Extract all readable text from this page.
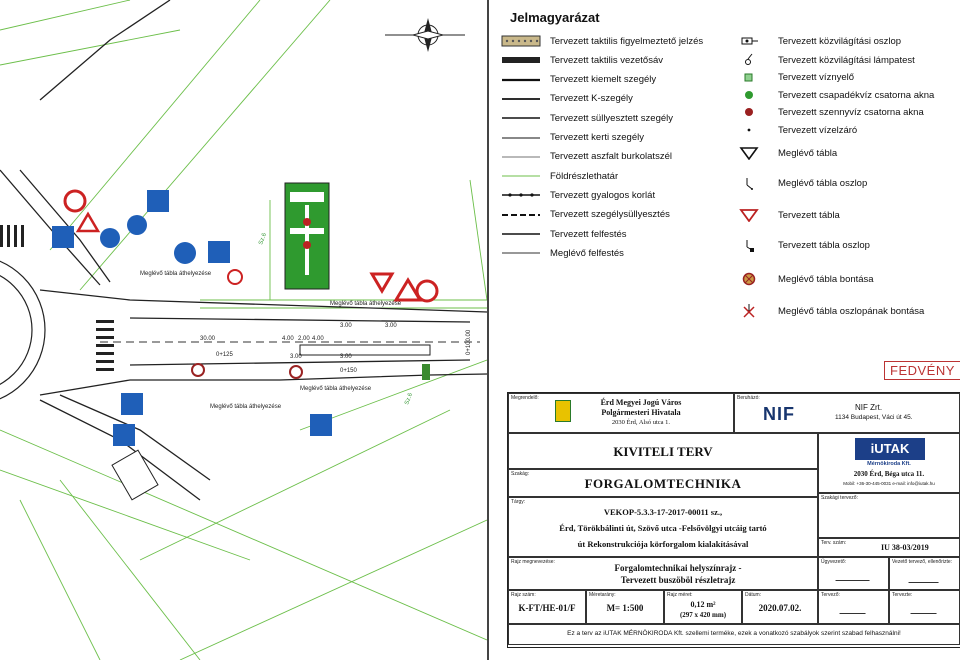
Meglévő tábla áthelyezése
Meglévő tábla áthelyezése
Meglévő tábla áthelyezése
Meglévő tábla áthelyezése
30.00
3.00	3.00
3.00	3.00
4.00 2.00 4.00
0+125
0+150
0+100.00
Sz.6
Sz.6
Jelmagyarázat
Tervezett taktilis figyelmeztető jelzés
Tervezett taktilis vezetősáv
Tervezett kiemelt szegély
Tervezett K-szegély
Tervezett süllyesztett szegély
Tervezett kerti szegély
Tervezett aszfalt burkolatszél
Földrészlethatár
Tervezett gyalogos korlát
Tervezett szegélysüllyesztés
Tervezett felfestés
Meglévő felfestés
Tervezett közvilágítási oszlop
Tervezett közvilágítási lámpatest
Tervezett víznyelő
Tervezett csapadékvíz csatorna akna
Tervezett szennyvíz csatorna akna
Tervezett vízelzáró
Meglévő tábla
Meglévő tábla oszlop
Tervezett tábla
Tervezett tábla oszlop
Meglévő tábla bontása
Meglévő tábla oszlopának bontása
FEDVÉNY
Megrendelő:	Érd Megyei Jogú Város
Polgármesteri Hivatala
2030 Érd, Alsó utca 1.
Beruházó:
NIF	NIF Zrt.
1134 Budapest, Váci út 45.
KIVITELI TERV	iUTAK
Mérnökiroda Kft.
2030 Érd, Béga utca 11.
Mobil: +36-30-445-0031 e-mail: info@iutak.hu
Szakág:
FORGALOMTECHNIKA
Szakági tervező:
Tárgy:
VEKOP-5.3.3-17-2017-00011 sz.,
Érd, Törökbálinti út, Szövő utca -Felsővölgyi utcáig tartó
út Rekonstrukciója körforgalom kialakításával	Terv. szám:	IU 38-03/2019
Rajz megnevezése:
Forgalomtechnikai helyszínrajz -
Tervezett buszöböl részletrajz
Ügyvezető:	Vezető tervező, ellenőrizte:
Rajz szám:
K-FT/HE-01/F
Méretarány:
M= 1:500
Rajz méret:
0,12 m²
(297 x 420 mm)
Dátum:
2020.07.02.
Tervező:	Tervezte:
Ez a terv az iUTAK MÉRNÖKIRODA Kft. szellemi terméke, ezek a vonatkozó szabályok szerint szabad felhasználni!
